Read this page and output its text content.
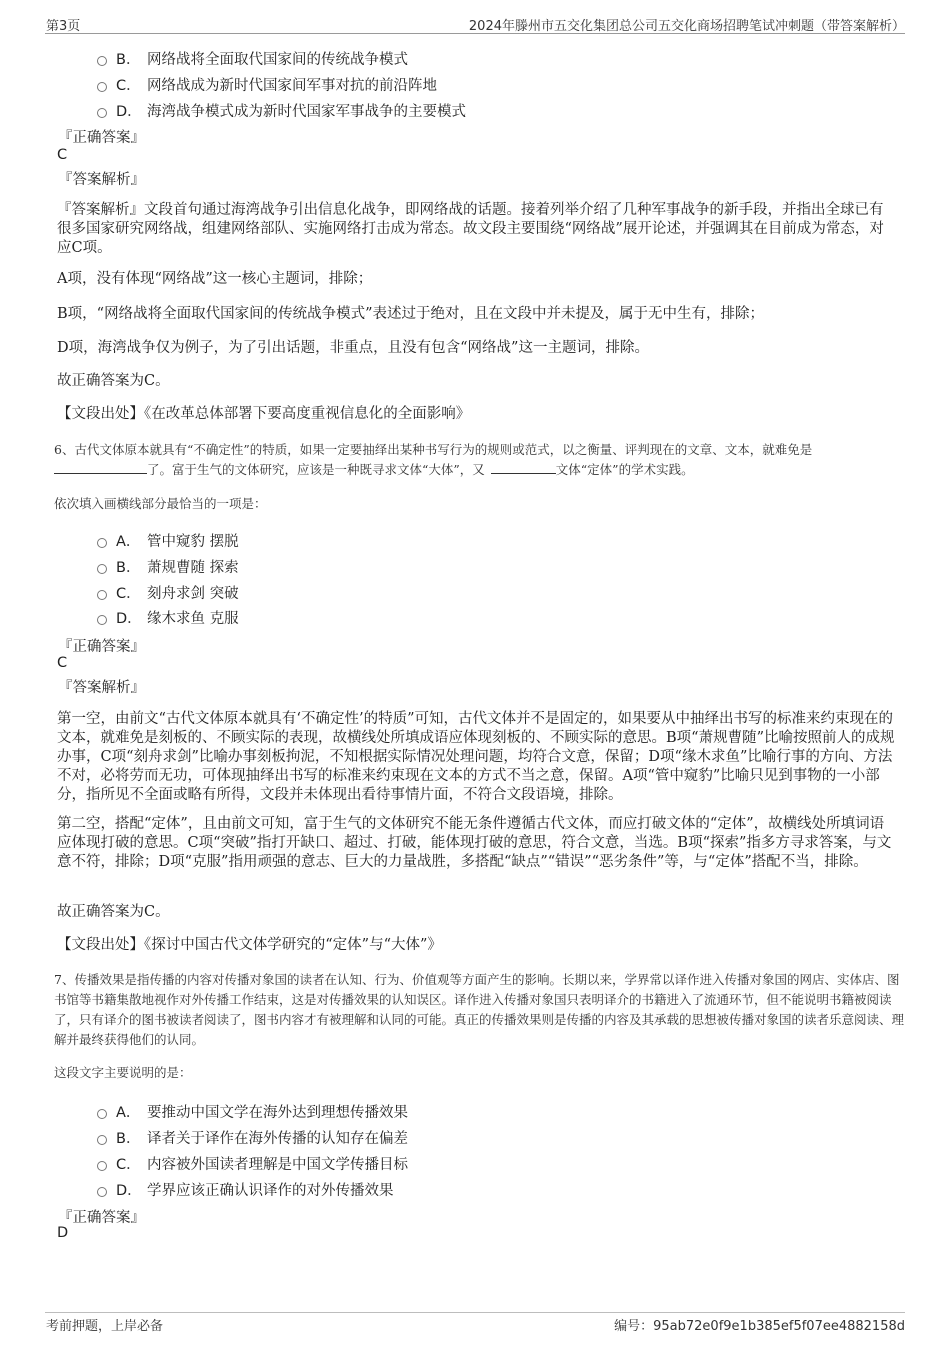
第3页	2024年滕州市五交化集团总公司五交化商场招聘笔试冲刺题（带答案解析）
B． 网络战将全面取代国家间的传统战争模式
C． 网络战成为新时代国家间军事对抗的前沿阵地
D． 海湾战争模式成为新时代国家军事战争的主要模式
『正确答案』
C
『答案解析』
『答案解析』文段首句通过海湾战争引出信息化战争，即网络战的话题。接着列举介绍了几种军事战争的新手段，并指出全球已有很多国家研究网络战，组建网络部队、实施网络打击成为常态。故文段主要围绕“网络战”展开论述，并强调其在目前成为常态，对应C项。
A项，没有体现“网络战”这一核心主题词，排除；
B项，“网络战将全面取代国家间的传统战争模式”表述过于绝对，且在文段中并未提及，属于无中生有，排除；
D项，海湾战争仅为例子，为了引出话题，非重点，且没有包含“网络战”这一主题词，排除。
故正确答案为C。
【文段出处】《在改革总体部署下要高度重视信息化的全面影响》
6、古代文体原本就具有“不确定性”的特质，如果一定要抽绎出某种书写行为的规则或范式，以之衡量、评判现在的文章、文本，就难免是了。富于生气的文体研究，应该是一种既寻求文体“大体”，又	文体“定体”的学术实践。
依次填入画横线部分最恰当的一项是：
A． 管中窥豹 摆脱
B． 萧规曹随 探索
C． 刻舟求剑 突破
D． 缘木求鱼 克服
『正确答案』
C
『答案解析』
第一空，由前文“古代文体原本就具有‘不确定性’的特质”可知，古代文体并不是固定的，如果要从中抽绎出书写的标准来约束现在的文本，就难免是刻板的、不顾实际的表现，故横线处所填成语应体现刻板的、不顾实际的意思。B项“萧规曹随”比喻按照前人的成规办事，C项“刻舟求剑”比喻办事刻板拘泥，不知根据实际情况处理问题，均符合文意，保留；D项“缘木求鱼”比喻行事的方向、方法不对，必将劳而无功，可体现抽绎出书写的标准来约束现在文本的方式不当之意，保留。A项“管中窥豹”比喻只见到事物的一小部分，指所见不全面或略有所得，文段并未体现出看待事情片面，不符合文段语境，排除。
第二空，搭配“定体”，且由前文可知，富于生气的文体研究不能无条件遵循古代文体，而应打破文体的“定体”，故横线处所填词语应体现打破的意思。C项“突破”指打开缺口、超过、打破，能体现打破的意思，符合文意，当选。B项“探索”指多方寻求答案，与文意不符，排除；D项“克服”指用顽强的意志、巨大的力量战胜，多搭配“缺点”“错误”“恶劣条件”等，与“定体”搭配不当，排除。
故正确答案为C。
【文段出处】《探讨中国古代文体学研究的“定体”与“大体”》
7、传播效果是指传播的内容对传播对象国的读者在认知、行为、价值观等方面产生的影响。长期以来，学界常以译作进入传播对象国的网店、实体店、图书馆等书籍集散地视作对外传播工作结束，这是对传播效果的认知误区。译作进入传播对象国只表明译介的书籍进入了流通环节，但不能说明书籍被阅读了，只有译介的图书被读者阅读了，图书内容才有被理解和认同的可能。真正的传播效果则是传播的内容及其承载的思想被传播对象国的读者乐意阅读、理解并最终获得他们的认同。
这段文字主要说明的是：
A． 要推动中国文学在海外达到理想传播效果
B． 译者关于译作在海外传播的认知存在偏差
C． 内容被外国读者理解是中国文学传播目标
D． 学界应该正确认识译作的对外传播效果
『正确答案』
D
考前押题，上岸必备	编号：95ab72e0f9e1b385ef5f07ee4882158d
